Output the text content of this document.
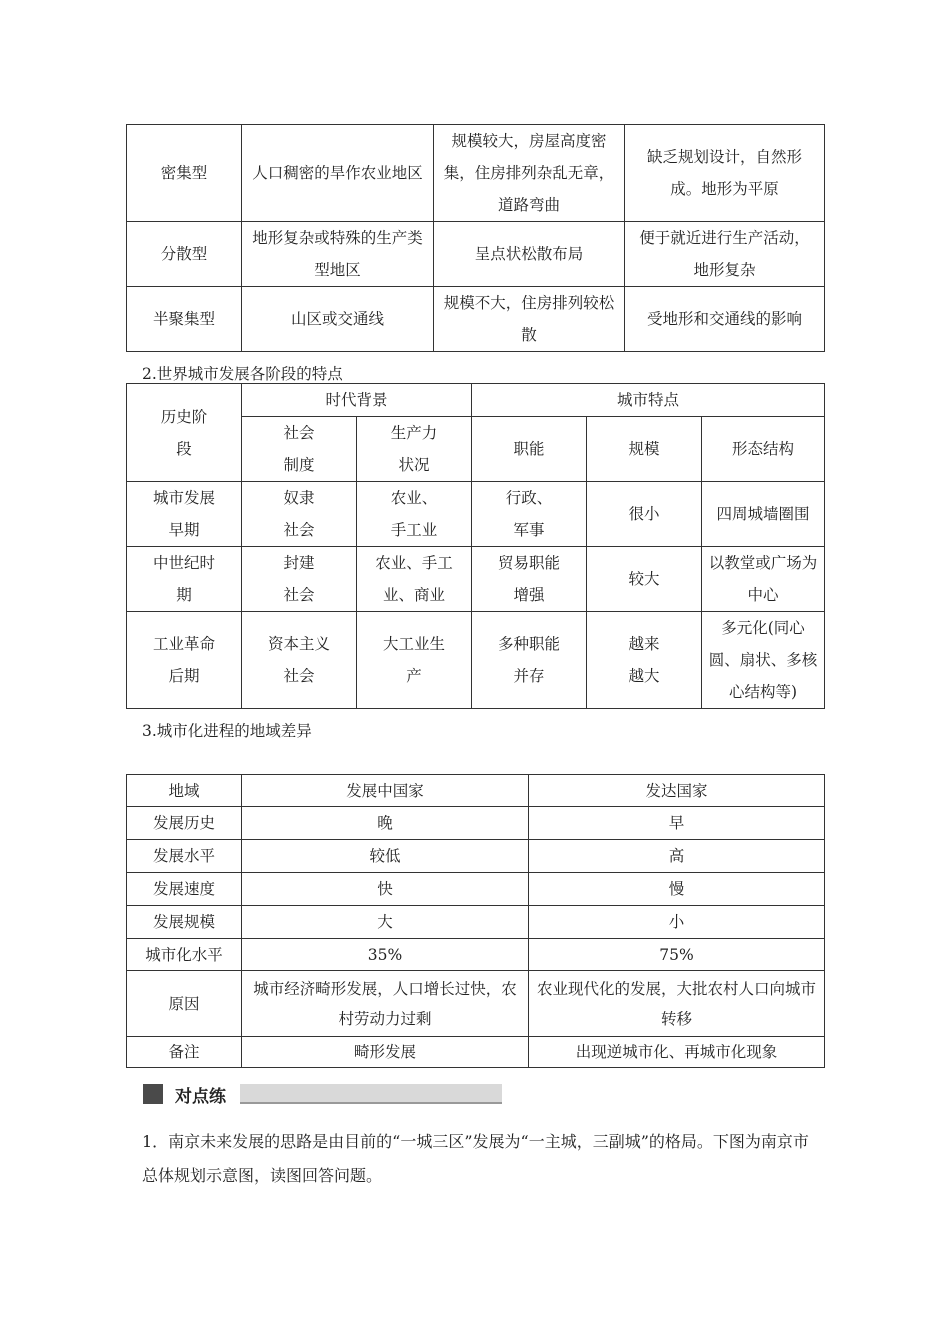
密集型	人口稠密的旱作农业地区	规模较大，房屋高度密集，住房排列杂乱无章，道路弯曲	缺乏规划设计，自然形成。地形为平原
分散型	地形复杂或特殊的生产类型地区	呈点状松散布局	便于就近进行生产活动，地形复杂
半聚集型	山区或交通线	规模不大，住房排列较松散	受地形和交通线的影响
2.世界城市发展各阶段的特点
历史阶段	时代背景		城市特点		
	社会制度	生产力状况	职能	规模	形态结构
城市发展早期	奴隶社会	农业、手工业	行政、军事	很小	四周城墙圈围
中世纪时期	封建社会	农业、手工业、商业	贸易职能增强	较大	以教堂或广场为中心
工业革命后期	资本主义社会	大工业生产	多种职能并存	越来越大	多元化(同心圆、扇状、多核心结构等)
3.城市化进程的地域差异
地域	发展中国家	发达国家
发展历史	晚	早
发展水平	较低	高
发展速度	快	慢
发展规模	大	小
城市化水平	35%	75%
原因	城市经济畸形发展，人口增长过快，农村劳动力过剩	农业现代化的发展，大批农村人口向城市转移
备注	畸形发展	出现逆城市化、再城市化现象
对点练
1．南京未来发展的思路是由目前的“一城三区”发展为“一主城，三副城”的格局。下图为南京市总体规划示意图，读图回答问题。
